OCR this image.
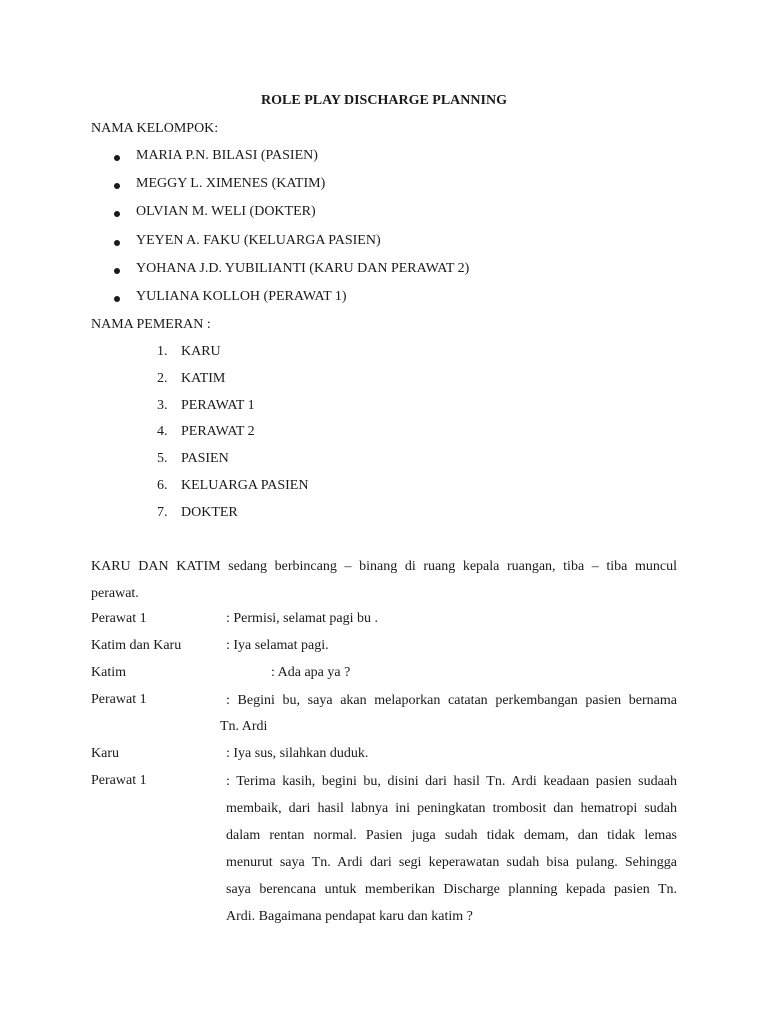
ROLE PLAY DISCHARGE PLANNING
NAMA KELOMPOK:
MARIA P.N. BILASI (PASIEN)
MEGGY L. XIMENES (KATIM)
OLVIAN M. WELI (DOKTER)
YEYEN A. FAKU (KELUARGA PASIEN)
YOHANA J.D. YUBILIANTI (KARU DAN PERAWAT 2)
YULIANA KOLLOH (PERAWAT 1)
NAMA PEMERAN :
1. KARU
2. KATIM
3. PERAWAT 1
4. PERAWAT 2
5. PASIEN
6. KELUARGA PASIEN
7. DOKTER
KARU DAN KATIM sedang berbincang – binang di ruang kepala ruangan, tiba – tiba muncul
perawat.
Perawat 1	: Permisi, selamat pagi bu .
Katim dan Karu	: Iya selamat pagi.
Katim	: Ada apa ya ?
Perawat 1	: Begini bu, saya akan melaporkan catatan perkembangan pasien bernama
Tn. Ardi
Karu	: Iya sus, silahkan duduk.
Perawat 1	: Terima kasih, begini bu, disini dari hasil Tn. Ardi keadaan pasien sudaah
membaik, dari hasil labnya ini peningkatan trombosit dan hematropi sudah
dalam rentan normal. Pasien juga sudah tidak demam, dan tidak lemas
menurut saya Tn. Ardi dari segi keperawatan sudah bisa pulang. Sehingga
saya berencana untuk memberikan Discharge planning kepada pasien Tn.
Ardi. Bagaimana pendapat karu dan katim ?
